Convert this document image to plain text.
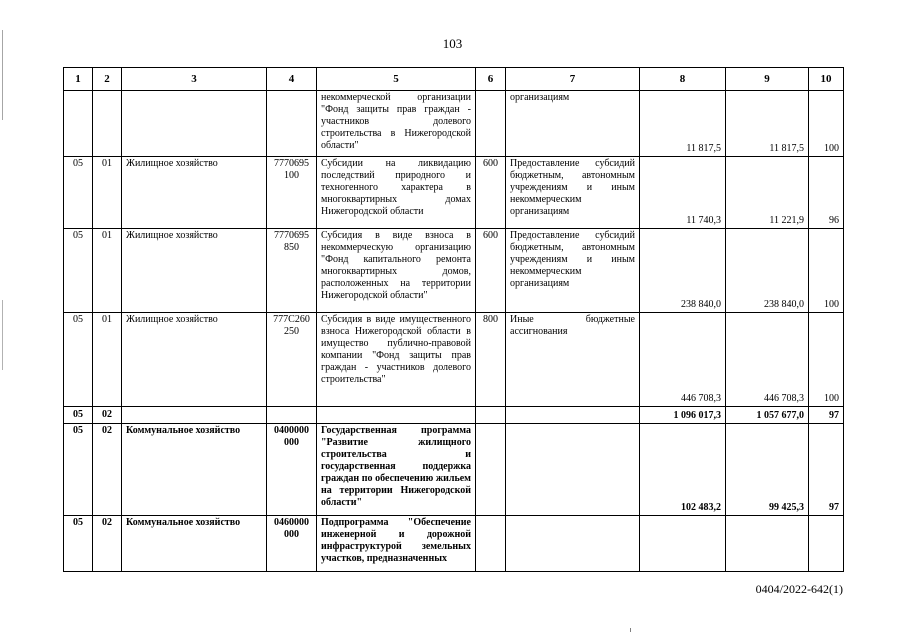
103
1	2	3	4	5	6	7	8	9	10
				некоммерческой организации "Фонд защиты прав граждан - участников долевого строительства в Нижегородской области"		организациям	11 817,5	11 817,5	100
05	01	Жилищное хозяйство	7770695 100	Субсидии на ликвидацию последствий природного и техногенного характера в многоквартирных домах Нижегородской области	600	Предоставление субсидий бюджетным, автономным учреждениям и иным некоммерческим организациям	11 740,3	11 221,9	96
05	01	Жилищное хозяйство	7770695 850	Субсидия в виде взноса в некоммерческую организацию "Фонд капитального ремонта многоквартирных домов, расположенных на территории Нижегородской области"	600	Предоставление субсидий бюджетным, автономным учреждениям и иным некоммерческим организациям	238 840,0	238 840,0	100
05	01	Жилищное хозяйство	777С260 250	Субсидия в виде имущественного взноса Нижегородской области в имущество публично-правовой компании "Фонд защиты прав граждан - участников долевого строительства"	800	Иные бюджетные ассигнования	446 708,3	446 708,3	100
05	02						1 096 017,3	1 057 677,0	97
05	02	Коммунальное хозяйство	0400000 000	Государственная программа "Развитие жилищного строительства и государственная поддержка граждан по обеспечению жильем на территории Нижегородской области"			102 483,2	99 425,3	97
05	02	Коммунальное хозяйство	0460000 000	Подпрограмма "Обеспечение инженерной и дорожной инфраструктурой земельных участков, предназначенных					
0404/2022-642(1)
